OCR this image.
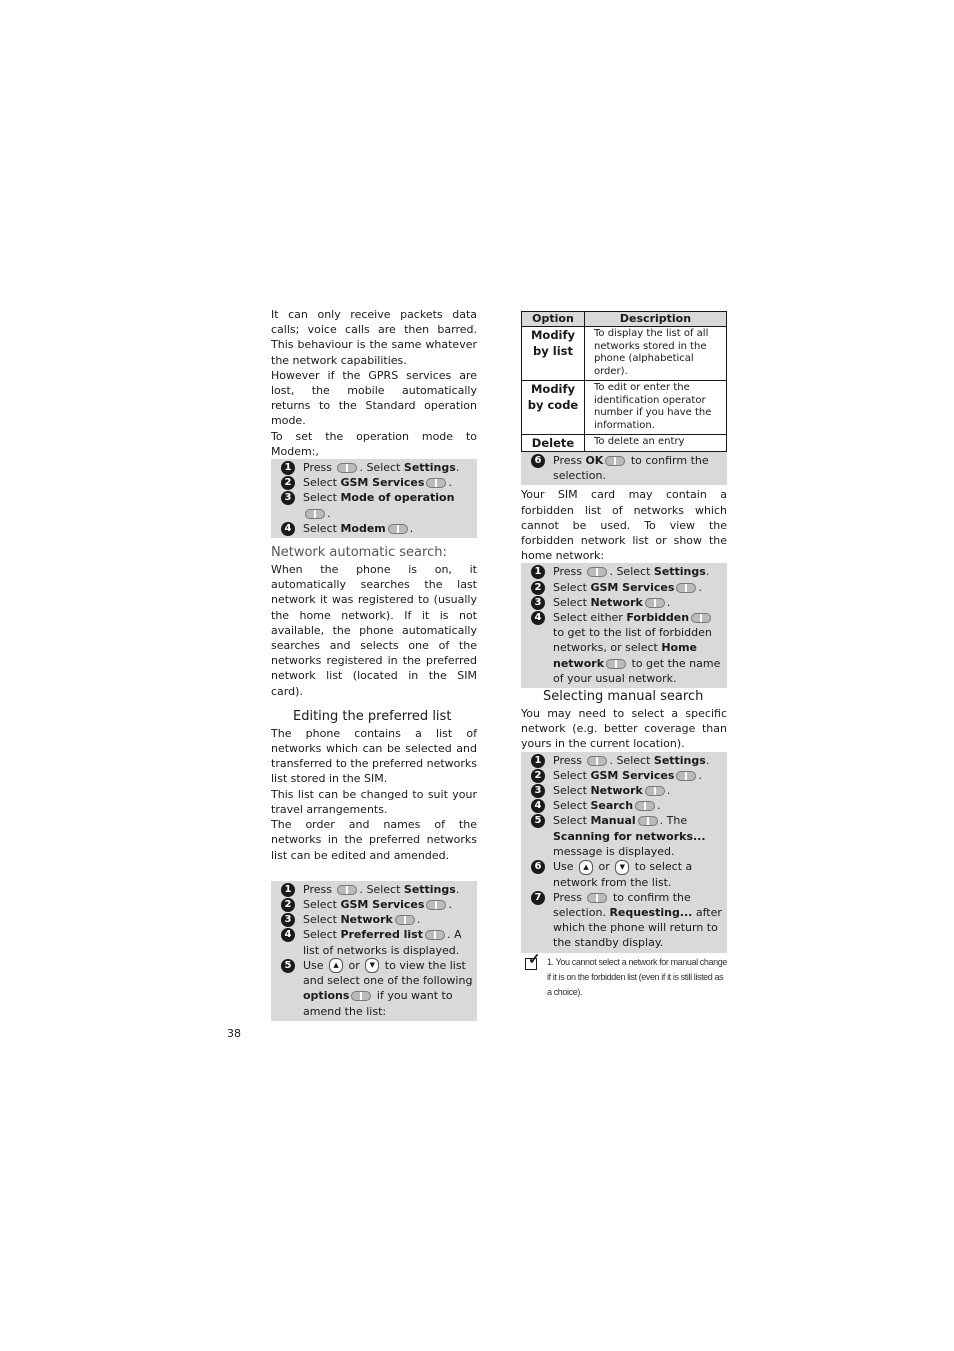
It can only receive packets data calls; voice calls are then barred. This behaviour is the same whatever the network capabilities.

However if the GPRS services are lost, the mobile automatically returns to the Standard operation mode.

To set the operation mode to Modem:,

1	Press . Select Settings.
2	Select GSM Services .
3	Select Mode of operation.
4	Select Modem .
Network automatic search:

When the phone is on, it automatically searches the last network it was registered to (usually the home network). If it is not available, the phone automatically searches and selects one of the networks registered in the preferred network list (located in the SIM card).

Editing the preferred list

The phone contains a list of networks which can be selected and transferred to the preferred networks list stored in the SIM.

This list can be changed to suit your travel arrangements.

The order and names of the networks in the preferred networks list can be edited and amended.

1	Press . Select Settings.
2	Select GSM Services .
3	Select Network .
4	Select Preferred list . A list of networks is displayed.
5	Use ▲ or ▼ to view the list and select one of the following options if you want to amend the list:
Option	Description
Modify by list	To display the list of all networks stored in the phone (alphabetical order).
Modify by code	To edit or enter the identification operator number if you have the information.
Delete	To delete an entry
6	Press OK to confirm the selection.

Your SIM card may contain a forbidden list of networks which cannot be used. To view the forbidden network list or show the home network:

1	Press . Select Settings.
2	Select GSM Services .
3	Select Network .
4	Select either Forbidden to get to the list of forbidden networks, or select Home network to get the name of your usual network.
Selecting manual search

You may need to select a specific network (e.g. better coverage than yours in the current location).

1	Press . Select Settings.
2	Select GSM Services .
3	Select Network .
4	Select Search .
5	Select Manual . The Scanning for networks... message is displayed.
6	Use ▲ or ▼ to select a network from the list.
7	Press  to confirm the selection. Requesting... after which the phone will return to the standby display.
✓ 1. You cannot select a network for manual change if it is on the forbidden list (even if it is still listed as a choice).
38
